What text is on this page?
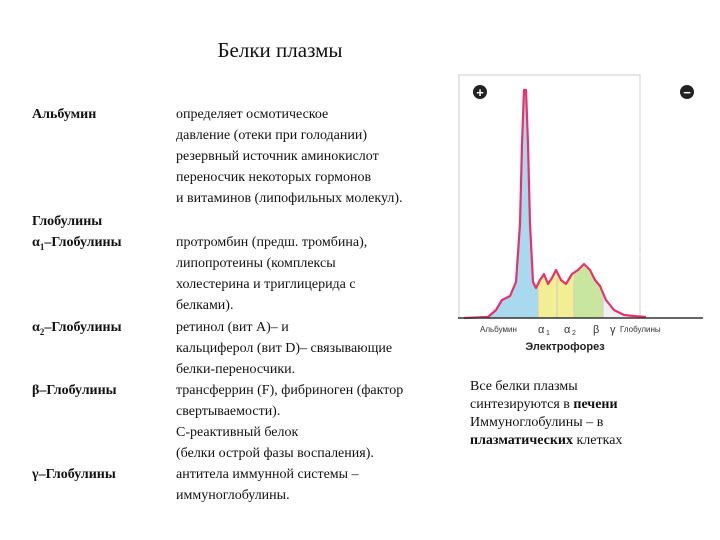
Белки плазмы
Альбумин
Глобулины
$\alpha_1$–Глобулины
$\alpha_2$–Глобулины
β–Глобулины
γ–Глобулины
определяет осмотическое
давление (отеки при голодании)
резервный источник аминокислот
переносчик некоторых гормонов
и витаминов (липофильных молекул).
протромбин (предш. тромбина),
липопротеины (комплексы
холестерина и триглицерида с
белками).
ретинол (вит А)– и
кальциферол (вит D)– связывающие
белки-переносчики.
трансферрин (F), фибриноген (фактор
свертываемости).
С-реактивный белок
(белки острой фазы воспаления).
антитела иммунной системы –
иммуноглобулины.
+	−
52-58%
2,4-4,4%
6,1-10,1%
8,5-14,5%
10-21%
Альбумин α 1 α 2 β γ Глобулины
Электрофорез
Все белки плазмы
синтезируются в печени
Иммуноглобулины – в
плазматических клетках
